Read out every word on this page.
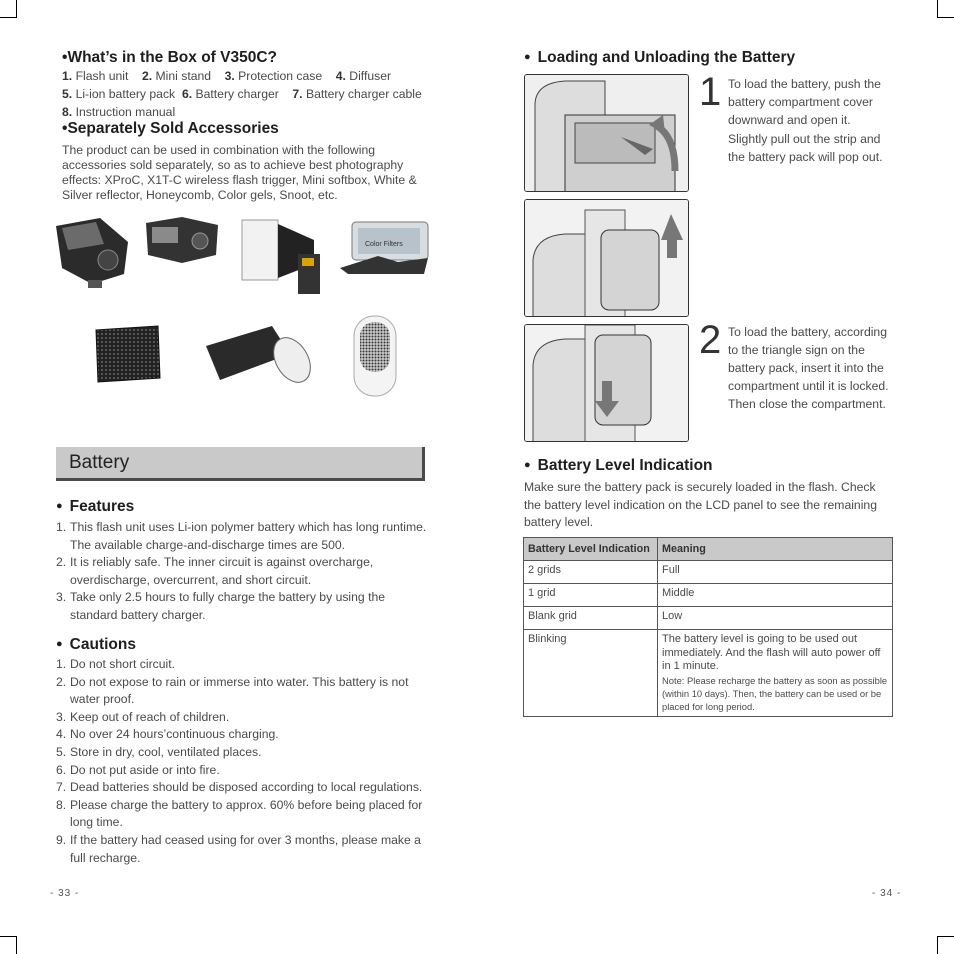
• What’s in the Box of V350C?
1. Flash unit 2. Mini stand 3. Protection case 4. Diffuser
5. Li-ion battery pack 6. Battery charger 7. Battery charger cable
8. Instruction manual
• Separately Sold Accessories
The product can be used in combination with the following accessories sold separately, so as to achieve best photography effects: XProC, X1T-C wireless flash trigger, Mini softbox, White & Silver reflector, Honeycomb, Color gels, Snoot, etc.
Color Filters
Battery
● Features
1. This flash unit uses Li-ion polymer battery which has long runtime. The available charge-and-discharge times are 500.
2. It is reliably safe. The inner circuit is against overcharge, overdischarge, overcurrent, and short circuit.
3. Take only 2.5 hours to fully charge the battery by using the standard battery charger.
● Cautions
1. Do not short circuit.
2. Do not expose to rain or immerse into water. This battery is not water proof.
3. Keep out of reach of children.
4. No over 24 hours’continuous charging.
5. Store in dry, cool, ventilated places.
6. Do not put aside or into fire.
7. Dead batteries should be disposed according to local regulations.
8. Please charge the battery to approx. 60% before being placed for long time.
9. If the battery had ceased using for over 3 months, please make a full recharge.
- 33 -
● Loading and Unloading the Battery
1 To load the battery, push the battery compartment cover downward and open it.
Slightly pull out the strip and the battery pack will pop out.
2 To load the battery, according to the triangle sign on the battery pack, insert it into the compartment until it is locked. Then close the compartment.
● Battery Level Indication
Make sure the battery pack is securely loaded in the flash. Check the battery level indication on the LCD panel to see the remaining battery level.
Battery Level Indication	Meaning
2 grids	Full
1 grid	Middle
Blank grid	Low
Blinking	The battery level is going to be used out immediately. And the flash will auto power off in 1 minute.
Note: Please recharge the battery as soon as possible (within 10 days). Then, the battery can be used or be placed for long period.
- 34 -
